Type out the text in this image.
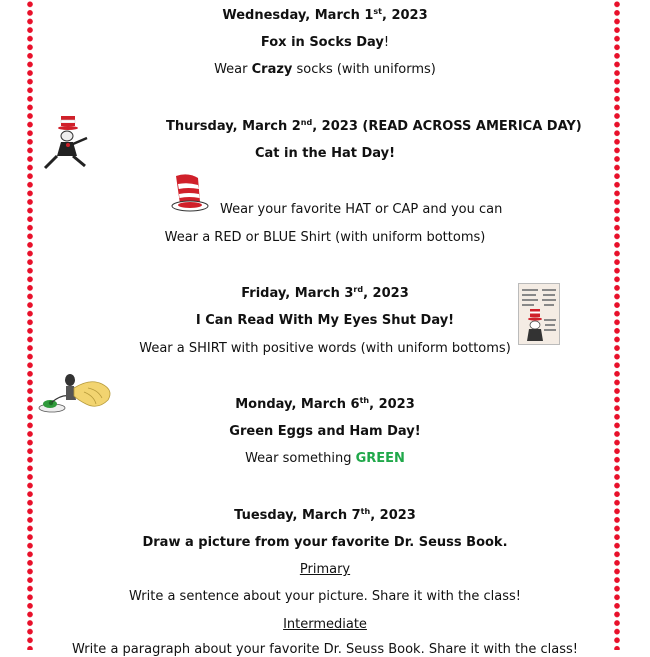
Wednesday, March 1st, 2023
Fox in Socks Day!
Wear Crazy socks (with uniforms)
Thursday, March 2nd, 2023 (READ ACROSS AMERICA DAY)
Cat in the Hat Day!
Wear your favorite HAT or CAP and you can
Wear a RED or BLUE Shirt (with uniform bottoms)
Friday, March 3rd, 2023
I Can Read With My Eyes Shut Day!
Wear a SHIRT with positive words (with uniform bottoms)
Monday, March 6th, 2023
Green Eggs and Ham Day!
Wear something GREEN
Tuesday, March 7th, 2023
Draw a picture from your favorite Dr. Seuss Book.
Primary
Write a sentence about your picture. Share it with the class!
Intermediate
Write a paragraph about your favorite Dr. Seuss Book. Share it with the class!
